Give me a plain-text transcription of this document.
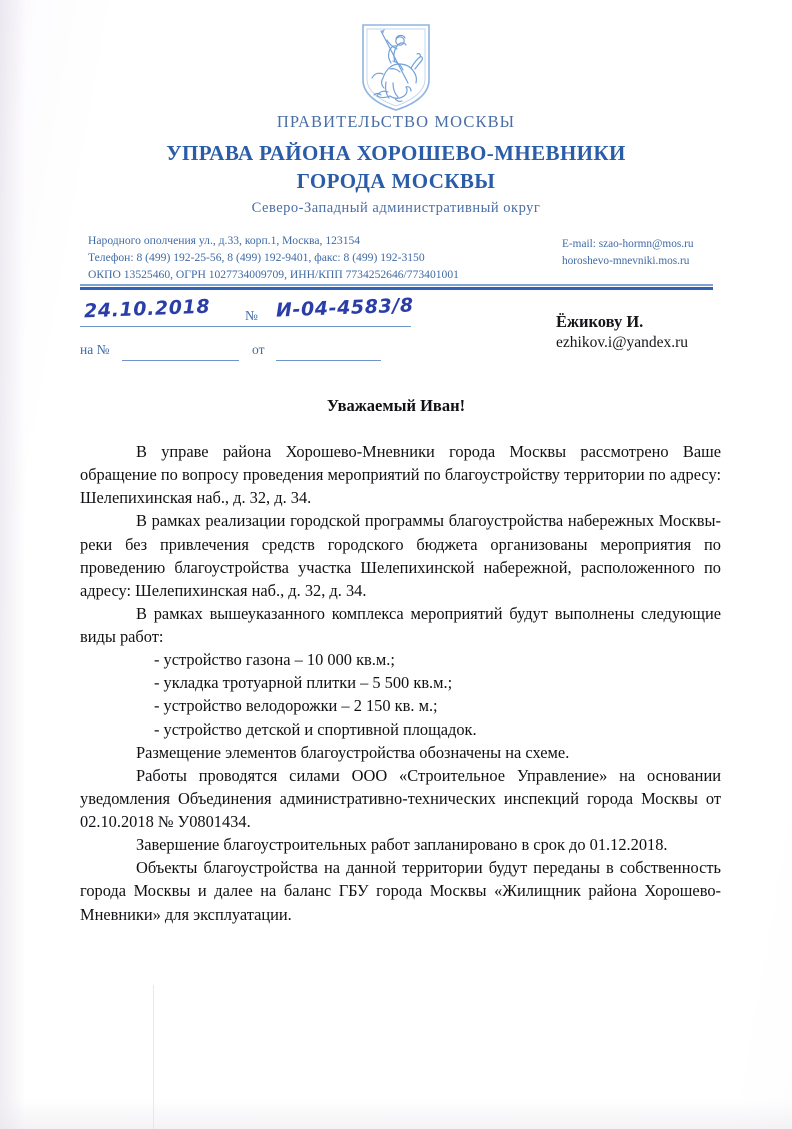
ПРАВИТЕЛЬСТВО МОСКВЫ
УПРАВА РАЙОНА ХОРОШЕВО-МНЕВНИКИ
ГОРОДА МОСКВЫ
Северо-Западный административный округ
Народного ополчения ул., д.33, корп.1, Москва, 123154
Телефон: 8 (499) 192-25-56, 8 (499) 192-9401, факс: 8 (499) 192-3150
ОКПО 13525460, ОГРН 1027734009709, ИНН/КПП 7734252646/773401001
E-mail: szao-hormn@mos.ru
horoshevo-mnevniki.mos.ru
24.10.2018	№ И-04-4583/8
на №	от
Ёжикову И.
ezhikov.i@yandex.ru
Уважаемый Иван!

В управе района Хорошево-Мневники города Москвы рассмотрено Ваше обращение по вопросу проведения мероприятий по благоустройству территории по адресу: Шелепихинская наб., д. 32, д. 34.

В рамках реализации городской программы благоустройства набережных Москвы-реки без привлечения средств городского бюджета организованы мероприятия по проведению благоустройства участка Шелепихинской набережной, расположенного по адресу: Шелепихинская наб., д. 32, д. 34.

В рамках вышеуказанного комплекса мероприятий будут выполнены следующие виды работ:

- устройство газона – 10 000 кв.м.;
- укладка тротуарной плитки – 5 500 кв.м.;
- устройство велодорожки – 2 150 кв. м.;
- устройство детской и спортивной площадок.

Размещение элементов благоустройства обозначены на схеме.

Работы проводятся силами ООО «Строительное Управление» на основании уведомления Объединения административно-технических инспекций города Москвы от 02.10.2018 № У0801434.

Завершение благоустроительных работ запланировано в срок до 01.12.2018.

Объекты благоустройства на данной территории будут переданы в собственность города Москвы и далее на баланс ГБУ города Москвы «Жилищник района Хорошево-Мневники» для эксплуатации.
